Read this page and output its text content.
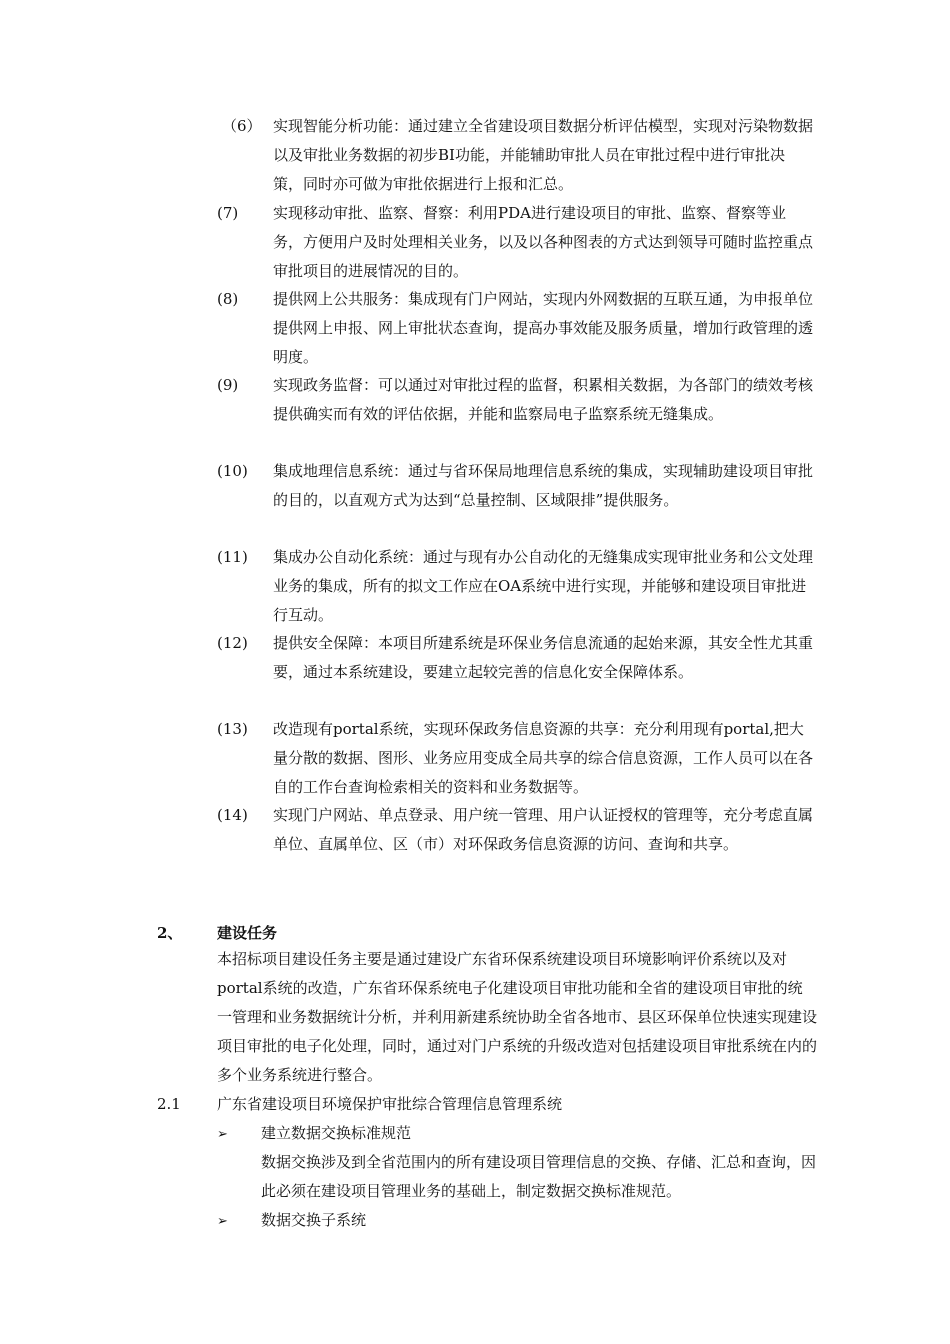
（6） 实现智能分析功能：通过建立全省建设项目数据分析评估模型，实现对污染物数据以及审批业务数据的初步BI功能，并能辅助审批人员在审批过程中进行审批决策，同时亦可做为审批依据进行上报和汇总。
(7) 实现移动审批、监察、督察：利用PDA进行建设项目的审批、监察、督察等业务，方便用户及时处理相关业务，以及以各种图表的方式达到领导可随时监控重点审批项目的进展情况的目的。
(8) 提供网上公共服务：集成现有门户网站，实现内外网数据的互联互通，为申报单位提供网上申报、网上审批状态查询，提高办事效能及服务质量，增加行政管理的透明度。
(9) 实现政务监督：可以通过对审批过程的监督，积累相关数据，为各部门的绩效考核提供确实而有效的评估依据，并能和监察局电子监察系统无缝集成。
(10) 集成地理信息系统：通过与省环保局地理信息系统的集成，实现辅助建设项目审批的目的，以直观方式为达到“总量控制、区域限排”提供服务。
(11) 集成办公自动化系统：通过与现有办公自动化的无缝集成实现审批业务和公文处理业务的集成，所有的拟文工作应在OA系统中进行实现，并能够和建设项目审批进行互动。
(12) 提供安全保障：本项目所建系统是环保业务信息流通的起始来源，其安全性尤其重要，通过本系统建设，要建立起较完善的信息化安全保障体系。
(13) 改造现有portal系统，实现环保政务信息资源的共享：充分利用现有portal,把大量分散的数据、图形、业务应用变成全局共享的综合信息资源，工作人员可以在各自的工作台查询检索相关的资料和业务数据等。
(14) 实现门户网站、单点登录、用户统一管理、用户认证授权的管理等，充分考虑直属单位、直属单位、区（市）对环保政务信息资源的访问、查询和共享。
2、 建设任务
本招标项目建设任务主要是通过建设广东省环保系统建设项目环境影响评价系统以及对portal系统的改造，广东省环保系统电子化建设项目审批功能和全省的建设项目审批的统一管理和业务数据统计分析，并利用新建系统协助全省各地市、县区环保单位快速实现建设项目审批的电子化处理，同时，通过对门户系统的升级改造对包括建设项目审批系统在内的多个业务系统进行整合。
2.1 广东省建设项目环境保护审批综合管理信息管理系统
➢ 建立数据交换标准规范
数据交换涉及到全省范围内的所有建设项目管理信息的交换、存储、汇总和查询，因此必须在建设项目管理业务的基础上，制定数据交换标准规范。
➢ 数据交换子系统
